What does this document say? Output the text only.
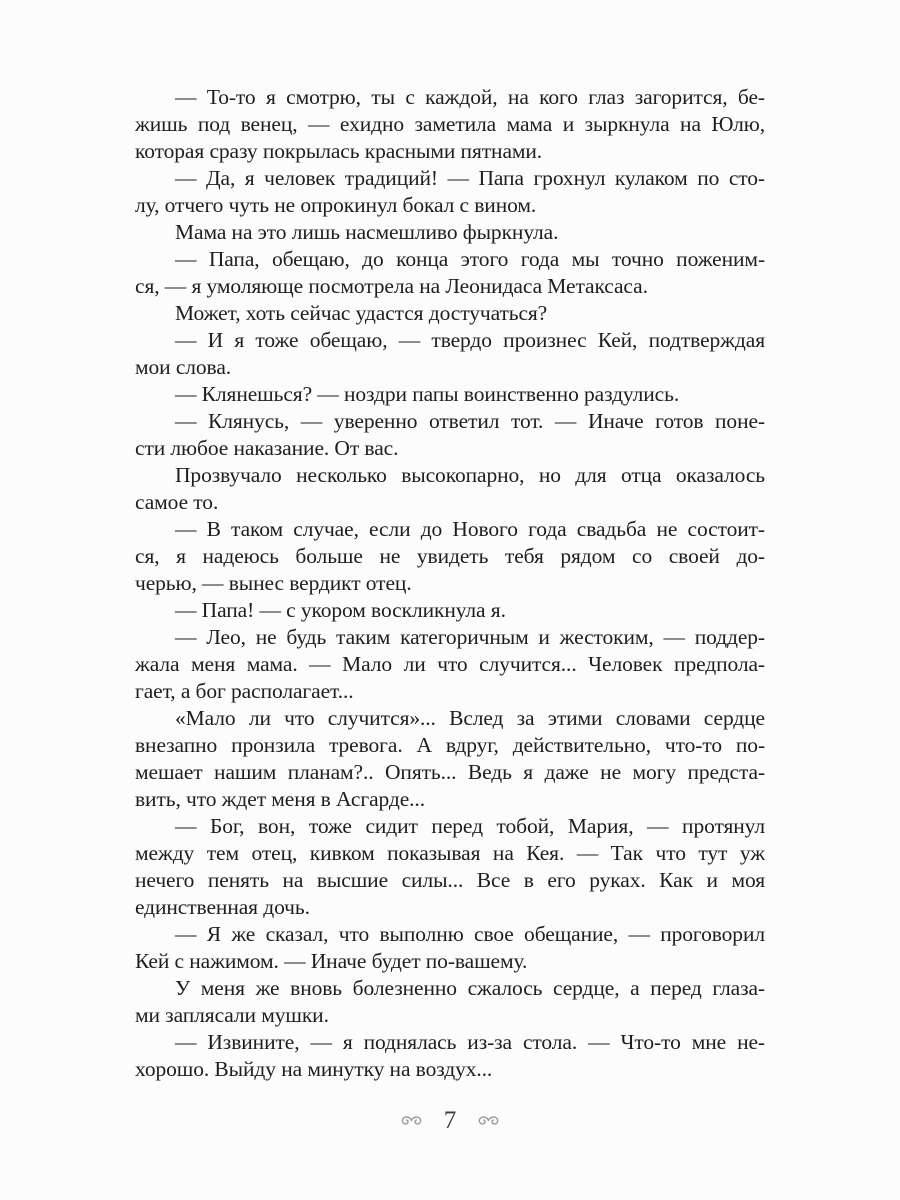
— То-то я смотрю, ты с каждой, на кого глаз загорится, бе-
жишь под венец, — ехидно заметила мама и зыркнула на Юлю,
которая сразу покрылась красными пятнами.

— Да, я человек традиций! — Папа грохнул кулаком по сто-
лу, отчего чуть не опрокинул бокал с вином.

Мама на это лишь насмешливо фыркнула.

— Папа, обещаю, до конца этого года мы точно поженим-
ся, — я умоляюще посмотрела на Леонидаса Метаксаса.

Может, хоть сейчас удастся достучаться?

— И я тоже обещаю, — твердо произнес Кей, подтверждая
мои слова.

— Клянешься? — ноздри папы воинственно раздулись.

— Клянусь, — уверенно ответил тот. — Иначе готов поне-
сти любое наказание. От вас.

Прозвучало несколько высокопарно, но для отца оказалось
самое то.

— В таком случае, если до Нового года свадьба не состоит-
ся, я надеюсь больше не увидеть тебя рядом со своей до-
черью, — вынес вердикт отец.

— Папа! — с укором воскликнула я.

— Лео, не будь таким категоричным и жестоким, — поддер-
жала меня мама. — Мало ли что случится... Человек предпола-
гает, а бог располагает...

«Мало ли что случится»... Вслед за этими словами сердце
внезапно пронзила тревога. А вдруг, действительно, что-то по-
мешает нашим планам?.. Опять... Ведь я даже не могу предста-
вить, что ждет меня в Асгарде...

— Бог, вон, тоже сидит перед тобой, Мария, — протянул
между тем отец, кивком показывая на Кея. — Так что тут уж
нечего пенять на высшие силы... Все в его руках. Как и моя
единственная дочь.

— Я же сказал, что выполню свое обещание, — проговорил
Кей с нажимом. — Иначе будет по-вашему.

У меня же вновь болезненно сжалось сердце, а перед глаза-
ми заплясали мушки.

— Извините, — я поднялась из-за стола. — Что-то мне не-
хорошо. Выйду на минутку на воздух...

7
